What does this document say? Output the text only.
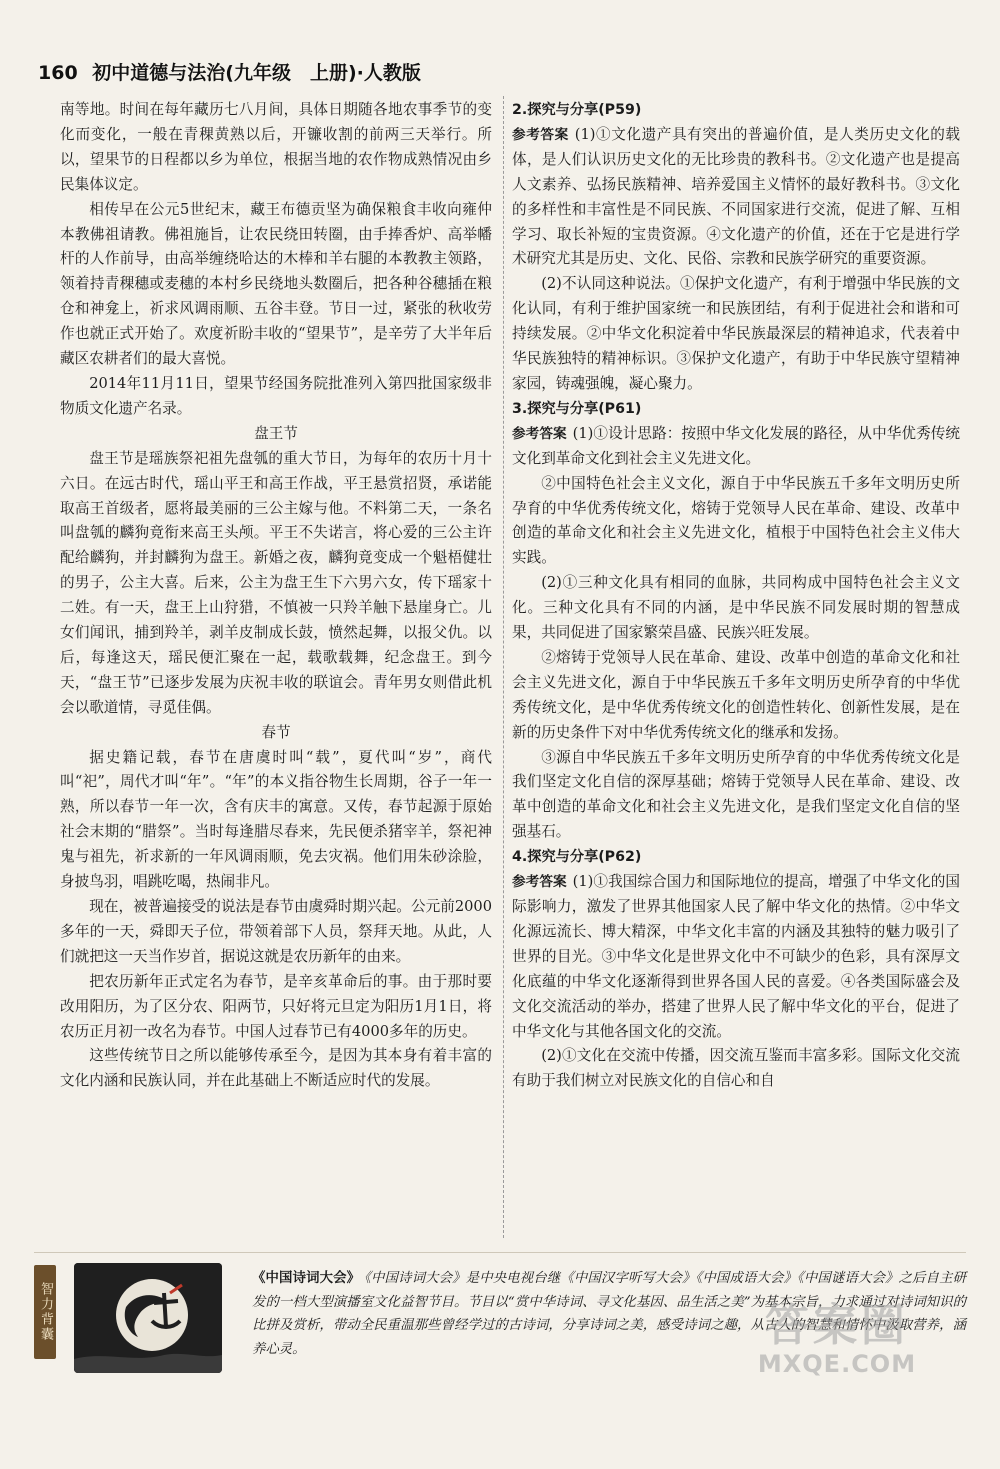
160 初中道德与法治(九年级　上册)·人教版

南等地。时间在每年藏历七八月间，具体日期随各地农事季节的变化而变化，一般在青稞黄熟以后，开镰收割的前两三天举行。所以，望果节的日程都以乡为单位，根据当地的农作物成熟情况由乡民集体议定。

相传早在公元5世纪末，藏王布德贡坚为确保粮食丰收向雍仲本教佛祖请教。佛祖施旨，让农民绕田转圈，由手捧香炉、高举幡杆的人作前导，由高举缠绕哈达的木棒和羊右腿的本教教主领路，领着持青稞穗或麦穗的本村乡民绕地头数圈后，把各种谷穗插在粮仓和神龛上，祈求风调雨顺、五谷丰登。节日一过，紧张的秋收劳作也就正式开始了。欢度祈盼丰收的“望果节”，是辛劳了大半年后藏区农耕者们的最大喜悦。

2014年11月11日，望果节经国务院批准列入第四批国家级非物质文化遗产名录。

盘王节

盘王节是瑶族祭祀祖先盘瓠的重大节日，为每年的农历十月十六日。在远古时代，瑶山平王和高王作战，平王悬赏招贤，承诺能取高王首级者，愿将最美丽的三公主嫁与他。不料第二天，一条名叫盘瓠的麟狗竟衔来高王头颅。平王不失诺言，将心爱的三公主许配给麟狗，并封麟狗为盘王。新婚之夜，麟狗竟变成一个魁梧健壮的男子，公主大喜。后来，公主为盘王生下六男六女，传下瑶家十二姓。有一天，盘王上山狩猎，不慎被一只羚羊触下悬崖身亡。儿女们闻讯，捕到羚羊，剥羊皮制成长鼓，愤然起舞，以报父仇。以后，每逢这天，瑶民便汇聚在一起，载歌载舞，纪念盘王。到今天，“盘王节”已逐步发展为庆祝丰收的联谊会。青年男女则借此机会以歌道情，寻觅佳偶。

春节

据史籍记载，春节在唐虞时叫“载”，夏代叫“岁”，商代叫“祀”，周代才叫“年”。“年”的本义指谷物生长周期，谷子一年一熟，所以春节一年一次，含有庆丰的寓意。又传，春节起源于原始社会末期的“腊祭”。当时每逢腊尽春来，先民便杀猪宰羊，祭祀神鬼与祖先，祈求新的一年风调雨顺，免去灾祸。他们用朱砂涂脸，身披鸟羽，唱跳吃喝，热闹非凡。

现在，被普遍接受的说法是春节由虞舜时期兴起。公元前2000多年的一天，舜即天子位，带领着部下人员，祭拜天地。从此，人们就把这一天当作岁首，据说这就是农历新年的由来。

把农历新年正式定名为春节，是辛亥革命后的事。由于那时要改用阳历，为了区分农、阳两节，只好将元旦定为阳历1月1日，将农历正月初一改名为春节。中国人过春节已有4000多年的历史。

这些传统节日之所以能够传承至今，是因为其本身有着丰富的文化内涵和民族认同，并在此基础上不断适应时代的发展。

2.探究与分享(P59)

参考答案 (1)①文化遗产具有突出的普遍价值，是人类历史文化的载体，是人们认识历史文化的无比珍贵的教科书。②文化遗产也是提高人文素养、弘扬民族精神、培养爱国主义情怀的最好教科书。③文化的多样性和丰富性是不同民族、不同国家进行交流，促进了解、互相学习、取长补短的宝贵资源。④文化遗产的价值，还在于它是进行学术研究尤其是历史、文化、民俗、宗教和民族学研究的重要资源。

(2)不认同这种说法。①保护文化遗产，有利于增强中华民族的文化认同，有利于维护国家统一和民族团结，有利于促进社会和谐和可持续发展。②中华文化积淀着中华民族最深层的精神追求，代表着中华民族独特的精神标识。③保护文化遗产，有助于中华民族守望精神家园，铸魂强魄，凝心聚力。

3.探究与分享(P61)

参考答案 (1)①设计思路：按照中华文化发展的路径，从中华优秀传统文化到革命文化到社会主义先进文化。

②中国特色社会主义文化，源自于中华民族五千多年文明历史所孕育的中华优秀传统文化，熔铸于党领导人民在革命、建设、改革中创造的革命文化和社会主义先进文化，植根于中国特色社会主义伟大实践。

(2)①三种文化具有相同的血脉，共同构成中国特色社会主义文化。三种文化具有不同的内涵，是中华民族不同发展时期的智慧成果，共同促进了国家繁荣昌盛、民族兴旺发展。

②熔铸于党领导人民在革命、建设、改革中创造的革命文化和社会主义先进文化，源自于中华民族五千多年文明历史所孕育的中华优秀传统文化，是中华优秀传统文化的创造性转化、创新性发展，是在新的历史条件下对中华优秀传统文化的继承和发扬。

③源自中华民族五千多年文明历史所孕育的中华优秀传统文化是我们坚定文化自信的深厚基础；熔铸于党领导人民在革命、建设、改革中创造的革命文化和社会主义先进文化，是我们坚定文化自信的坚强基石。

4.探究与分享(P62)

参考答案 (1)①我国综合国力和国际地位的提高，增强了中华文化的国际影响力，激发了世界其他国家人民了解中华文化的热情。②中华文化源远流长、博大精深，中华文化丰富的内涵及其独特的魅力吸引了世界的目光。③中华文化是世界文化中不可缺少的色彩，具有深厚文化底蕴的中华文化逐渐得到世界各国人民的喜爱。④各类国际盛会及文化交流活动的举办，搭建了世界人民了解中华文化的平台，促进了中华文化与其他各国文化的交流。

(2)①文化在交流中传播，因交流互鉴而丰富多彩。国际文化交流有助于我们树立对民族文化的自信心和自

智力背囊
《中国诗词大会》 《中国诗词大会》是中央电视台继《中国汉字听写大会》《中国成语大会》《中国谜语大会》之后自主研发的一档大型演播室文化益智节目。节目以“赏中华诗词、寻文化基因、品生活之美”为基本宗旨，力求通过对诗词知识的比拼及赏析，带动全民重温那些曾经学过的古诗词，分享诗词之美，感受诗词之趣，从古人的智慧和情怀中汲取营养，涵养心灵。	答案圈
MXQE.COM
